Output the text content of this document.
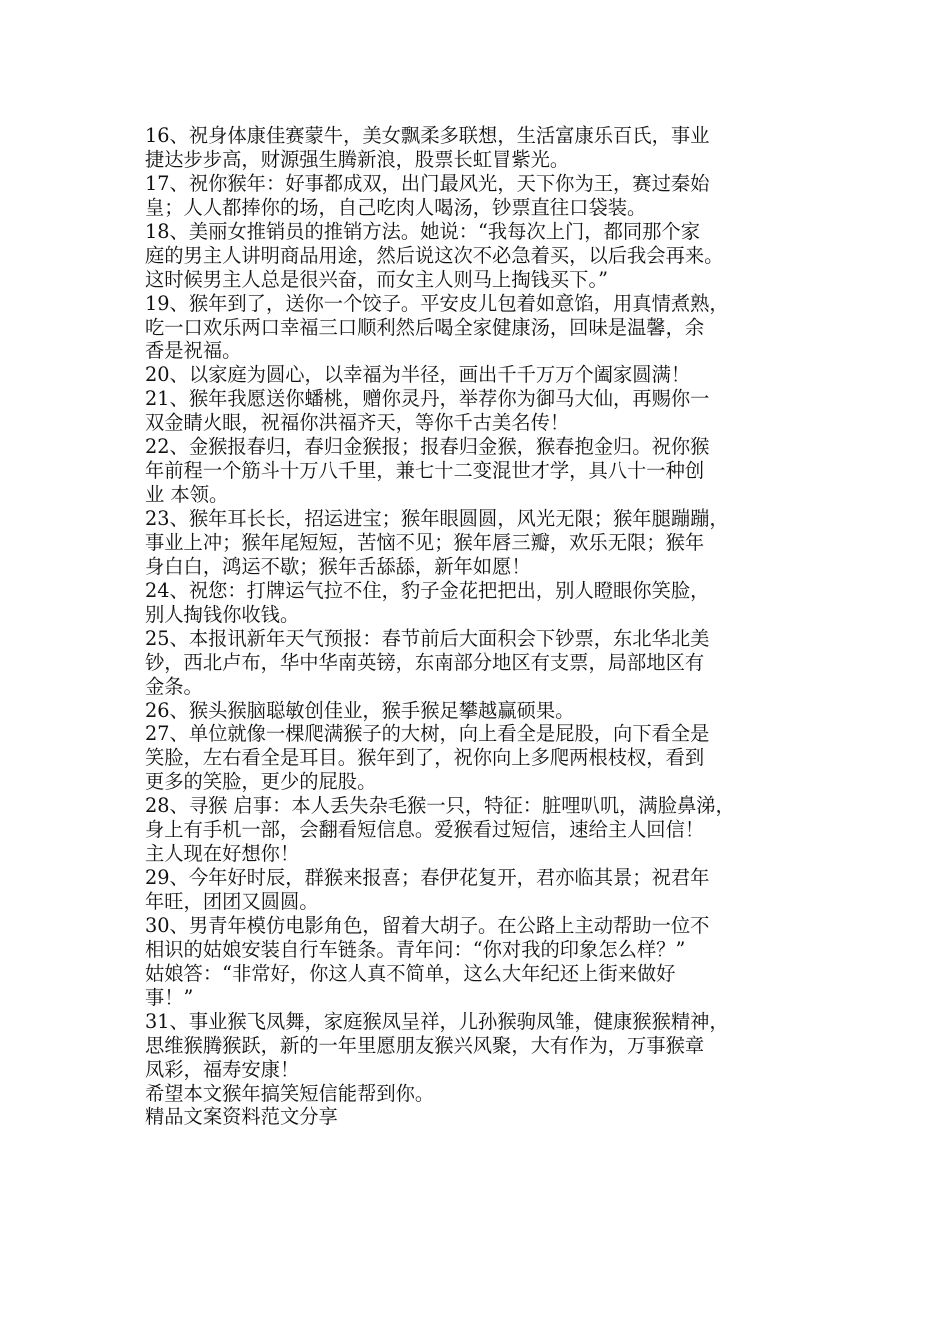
16、祝身体康佳赛蒙牛，美女飘柔多联想，生活富康乐百氏，事业
捷达步步高，财源强生腾新浪，股票长虹冒紫光。
17、祝你猴年：好事都成双，出门最风光，天下你为王，赛过秦始
皇；人人都捧你的场，自己吃肉人喝汤，钞票直往口袋装。
18、美丽女推销员的推销方法。她说：“我每次上门，都同那个家
庭的男主人讲明商品用途，然后说这次不必急着买，以后我会再来。
这时候男主人总是很兴奋，而女主人则马上掏钱买下。”
19、猴年到了，送你一个饺子。平安皮儿包着如意馅，用真情煮熟，
吃一口欢乐两口幸福三口顺利然后喝全家健康汤，回味是温馨，余
香是祝福。
20、以家庭为圆心，以幸福为半径，画出千千万万个阖家圆满！
21、猴年我愿送你蟠桃，赠你灵丹，举荐你为御马大仙，再赐你一
双金睛火眼，祝福你洪福齐天，等你千古美名传！
22、金猴报春归，春归金猴报；报春归金猴，猴春抱金归。祝你猴
年前程一个筋斗十万八千里，兼七十二变混世才学，具八十一种创
业 本领。
23、猴年耳长长，招运进宝；猴年眼圆圆，风光无限；猴年腿蹦蹦，
事业上冲；猴年尾短短，苦恼不见；猴年唇三瓣，欢乐无限；猴年
身白白，鸿运不歇；猴年舌舔舔，新年如愿！
24、祝您：打牌运气拉不住，豹子金花把把出，别人瞪眼你笑脸，
别人掏钱你收钱。
25、本报讯新年天气预报：春节前后大面积会下钞票，东北华北美
钞，西北卢布，华中华南英镑，东南部分地区有支票，局部地区有
金条。
26、猴头猴脑聪敏创佳业，猴手猴足攀越赢硕果。
27、单位就像一棵爬满猴子的大树，向上看全是屁股，向下看全是
笑脸，左右看全是耳目。猴年到了，祝你向上多爬两根枝杈，看到
更多的笑脸，更少的屁股。
28、寻猴 启事：本人丢失杂毛猴一只，特征：脏哩叭叽，满脸鼻涕，
身上有手机一部，会翻看短信息。爱猴看过短信，速给主人回信！
主人现在好想你！
29、今年好时辰，群猴来报喜；春伊花复开，君亦临其景；祝君年
年旺，团团又圆圆。
30、男青年模仿电影角色，留着大胡子。在公路上主动帮助一位不
相识的姑娘安装自行车链条。青年问：“你对我的印象怎么样？”
姑娘答：“非常好，你这人真不简单，这么大年纪还上街来做好
事！”
31、事业猴飞凤舞，家庭猴凤呈祥，儿孙猴驹凤雏，健康猴猴精神，
思维猴腾猴跃，新的一年里愿朋友猴兴风聚，大有作为，万事猴章
凤彩，福寿安康！
希望本文猴年搞笑短信能帮到你。
精品文案资料范文分享
